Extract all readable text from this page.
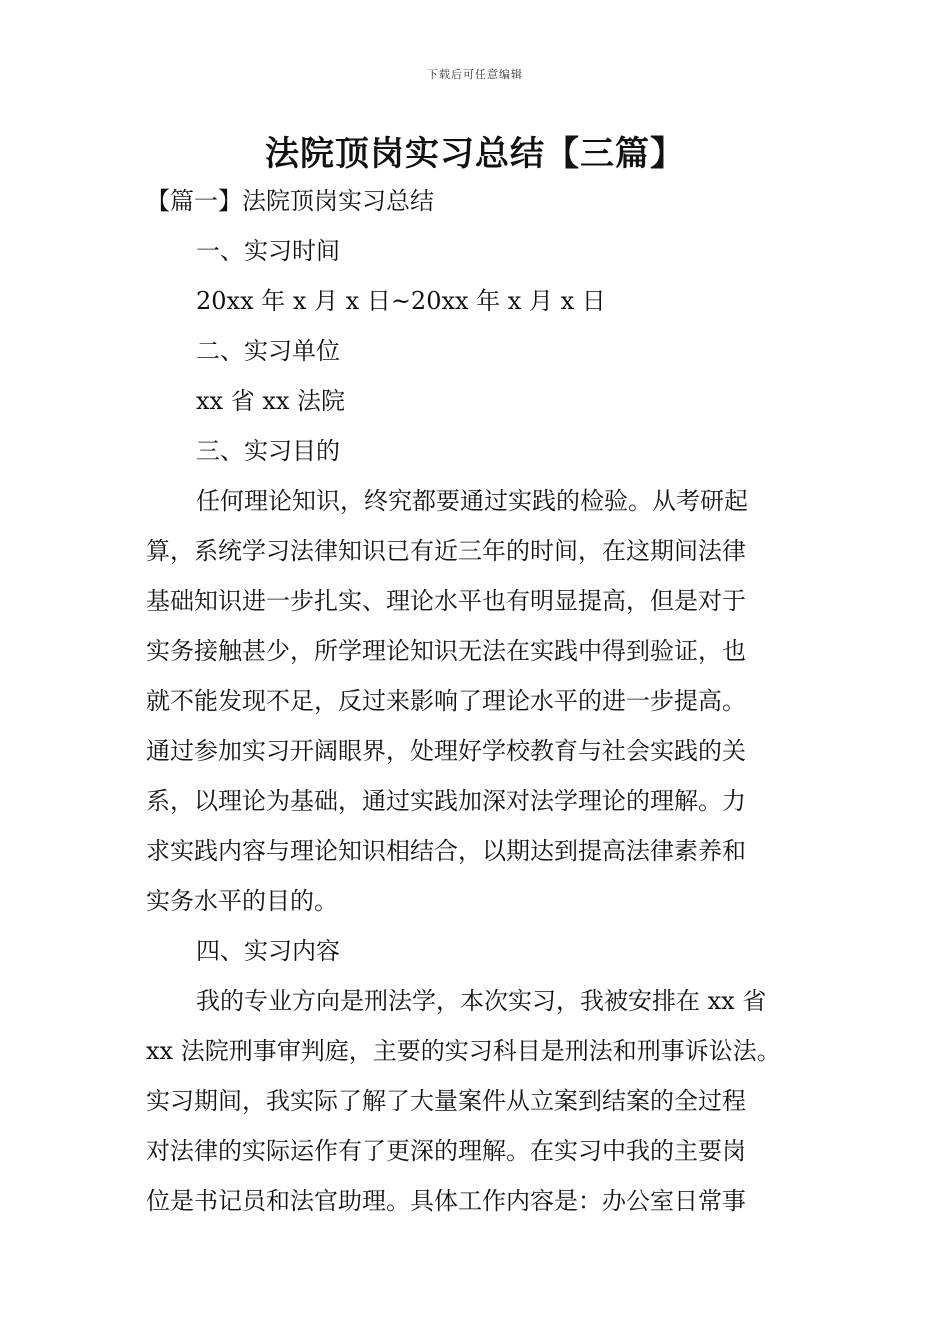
下载后可任意编辑
法院顶岗实习总结【三篇】
【篇一】法院顶岗实习总结
一、实习时间
20xx 年 x 月 x 日~20xx 年 x 月 x 日
二、实习单位
xx 省 xx 法院
三、实习目的
任何理论知识，终究都要通过实践的检验。从考研起
算，系统学习法律知识已有近三年的时间，在这期间法律
基础知识进一步扎实、理论水平也有明显提高，但是对于
实务接触甚少，所学理论知识无法在实践中得到验证，也
就不能发现不足，反过来影响了理论水平的进一步提高。
通过参加实习开阔眼界，处理好学校教育与社会实践的关
系，以理论为基础，通过实践加深对法学理论的理解。力
求实践内容与理论知识相结合，以期达到提高法律素养和
实务水平的目的。
四、实习内容
我的专业方向是刑法学，本次实习，我被安排在 xx 省
xx 法院刑事审判庭，主要的实习科目是刑法和刑事诉讼法。
实习期间，我实际了解了大量案件从立案到结案的全过程
对法律的实际运作有了更深的理解。在实习中我的主要岗
位是书记员和法官助理。具体工作内容是：办公室日常事
